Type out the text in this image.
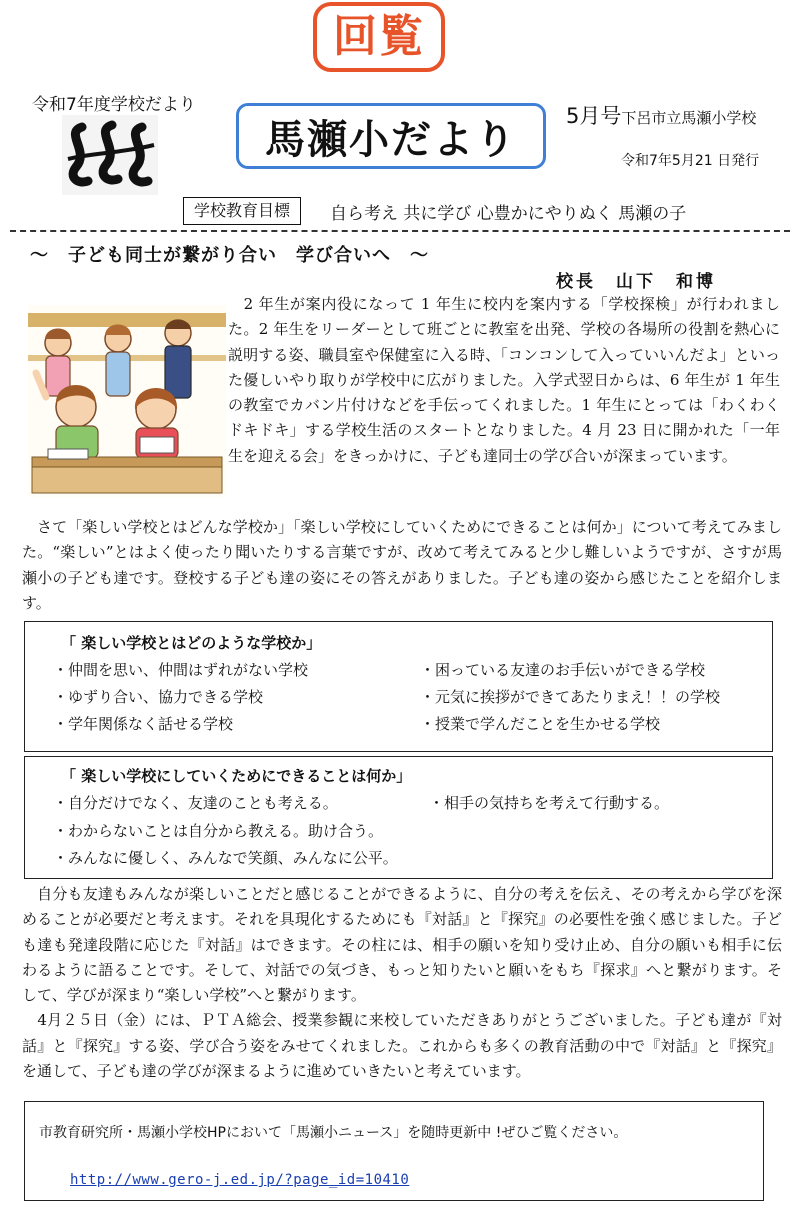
回覧
令和7年度学校だより
馬瀬小だより
5月号下呂市立馬瀬小学校
令和7年5月21 日発行
学校教育目標	自ら考え 共に学び 心豊かにやりぬく 馬瀬の子
〜　子ども同士が繋がり合い　学び合いへ　〜
校長　山下　和博
　2 年生が案内役になって 1 年生に校内を案内する「学校探検」が行われました。2 年生をリーダーとして班ごとに教室を出発、学校の各場所の役割を熱心に説明する姿、職員室や保健室に入る時、「コンコンして入っていいんだよ」といった優しいやり取りが学校中に広がりました。入学式翌日からは、6 年生が 1 年生の教室でカバン片付けなどを手伝ってくれました。1 年生にとっては「わくわくドキドキ」する学校生活のスタートとなりました。4 月 23 日に開かれた「一年生を迎える会」をきっかけに、子ども達同士の学び合いが深まっています。
　さて「楽しい学校とはどんな学校か」「楽しい学校にしていくためにできることは何か」について考えてみました。“楽しい”とはよく使ったり聞いたりする言葉ですが、改めて考えてみると少し難しいようですが、さすが馬瀬小の子ども達です。登校する子ども達の姿にその答えがありました。子ども達の姿から感じたことを紹介します。
「 楽しい学校とはどのような学校か」
・仲間を思い、仲間はずれがない学校	・困っている友達のお手伝いができる学校
・ゆずり合い、協力できる学校	・元気に挨拶ができてあたりまえ！！の学校
・学年関係なく話せる学校	・授業で学んだことを生かせる学校
「 楽しい学校にしていくためにできることは何か」
・自分だけでなく、友達のことも考える。	・相手の気持ちを考えて行動する。
・わからないことは自分から教える。助け合う。
・みんなに優しく、みんなで笑顔、みんなに公平。
　自分も友達もみんなが楽しいことだと感じることができるように、自分の考えを伝え、その考えから学びを深めることが必要だと考えます。それを具現化するためにも『対話』と『探究』の必要性を強く感じました。子ども達も発達段階に応じた『対話』はできます。その柱には、相手の願いを知り受け止め、自分の願いも相手に伝わるように語ることです。そして、対話での気づき、もっと知りたいと願いをもち『探求』へと繋がります。そして、学びが深まり“楽しい学校”へと繋がります。
　4月２５日（金）には、ＰＴＡ総会、授業参観に来校していただきありがとうございました。子ども達が『対話』と『探究』する姿、学び合う姿をみせてくれました。これからも多くの教育活動の中で『対話』と『探究』を通して、子ども達の学びが深まるように進めていきたいと考えています。
市教育研究所・馬瀬小学校HPにおいて「馬瀬小ニュース」を随時更新中 !ぜひご覧ください。
http://www.gero-j.ed.jp/?page_id=10410
